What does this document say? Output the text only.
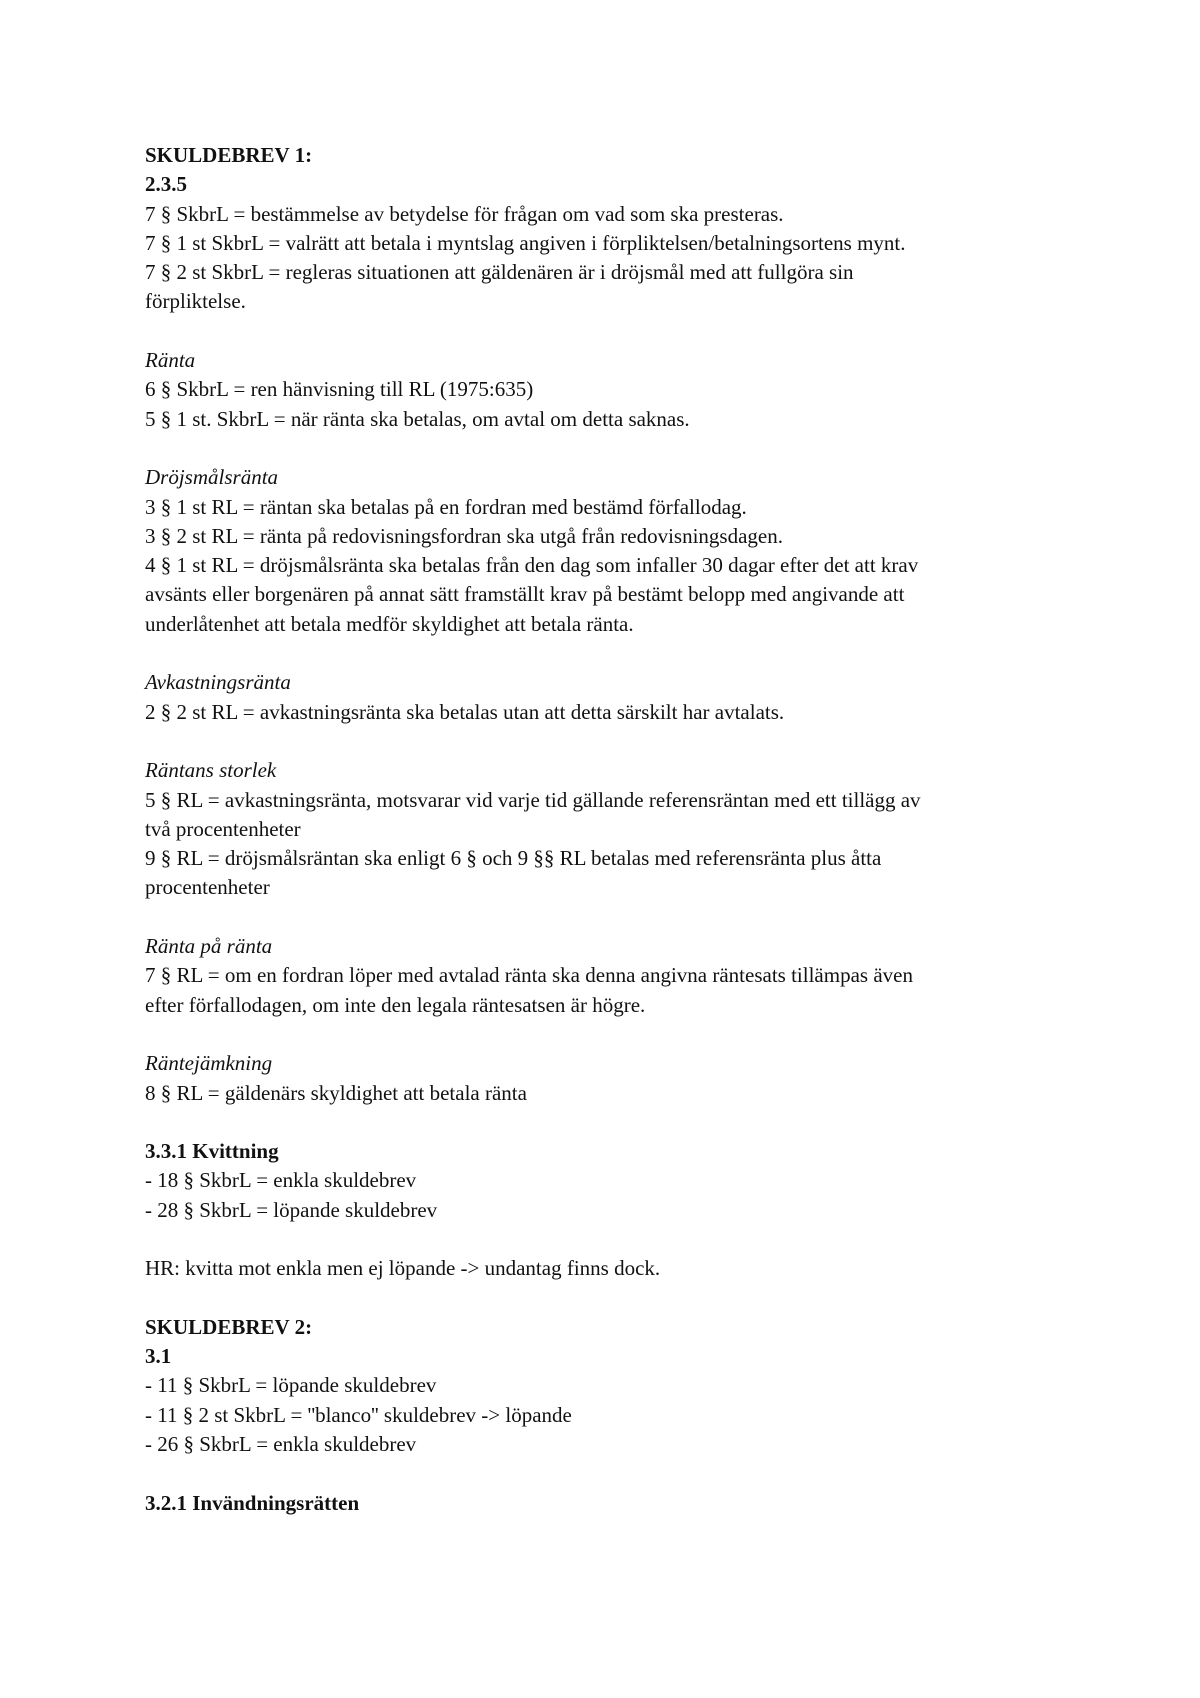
SKULDEBREV 1:
2.3.5
7 § SkbrL = bestämmelse av betydelse för frågan om vad som ska presteras.
7 § 1 st SkbrL = valrätt att betala i myntslag angiven i förpliktelsen/betalningsortens mynt.
7 § 2 st SkbrL = regleras situationen att gäldenären är i dröjsmål med att fullgöra sin
förpliktelse.
Ränta
6 § SkbrL = ren hänvisning till RL (1975:635)
5 § 1 st. SkbrL = när ränta ska betalas, om avtal om detta saknas.
Dröjsmålsränta
3 § 1 st RL = räntan ska betalas på en fordran med bestämd förfallodag.
3 § 2 st RL = ränta på redovisningsfordran ska utgå från redovisningsdagen.
4 § 1 st RL = dröjsmålsränta ska betalas från den dag som infaller 30 dagar efter det att krav
avsänts eller borgenären på annat sätt framställt krav på bestämt belopp med angivande att
underlåtenhet att betala medför skyldighet att betala ränta.
Avkastningsränta
2 § 2 st RL = avkastningsränta ska betalas utan att detta särskilt har avtalats.
Räntans storlek
5 § RL = avkastningsränta, motsvarar vid varje tid gällande referensräntan med ett tillägg av
två procentenheter
9 § RL = dröjsmålsräntan ska enligt 6 § och 9 §§ RL betalas med referensränta plus åtta
procentenheter
Ränta på ränta
7 § RL = om en fordran löper med avtalad ränta ska denna angivna räntesats tillämpas även
efter förfallodagen, om inte den legala räntesatsen är högre.
Räntejämkning
8 § RL = gäldenärs skyldighet att betala ränta
3.3.1 Kvittning
- 18 § SkbrL = enkla skuldebrev
- 28 § SkbrL = löpande skuldebrev
HR: kvitta mot enkla men ej löpande -> undantag finns dock.
SKULDEBREV 2:
3.1
- 11 § SkbrL = löpande skuldebrev
- 11 § 2 st SkbrL = ''blanco'' skuldebrev -> löpande
- 26 § SkbrL = enkla skuldebrev
3.2.1 Invändningsrätten
